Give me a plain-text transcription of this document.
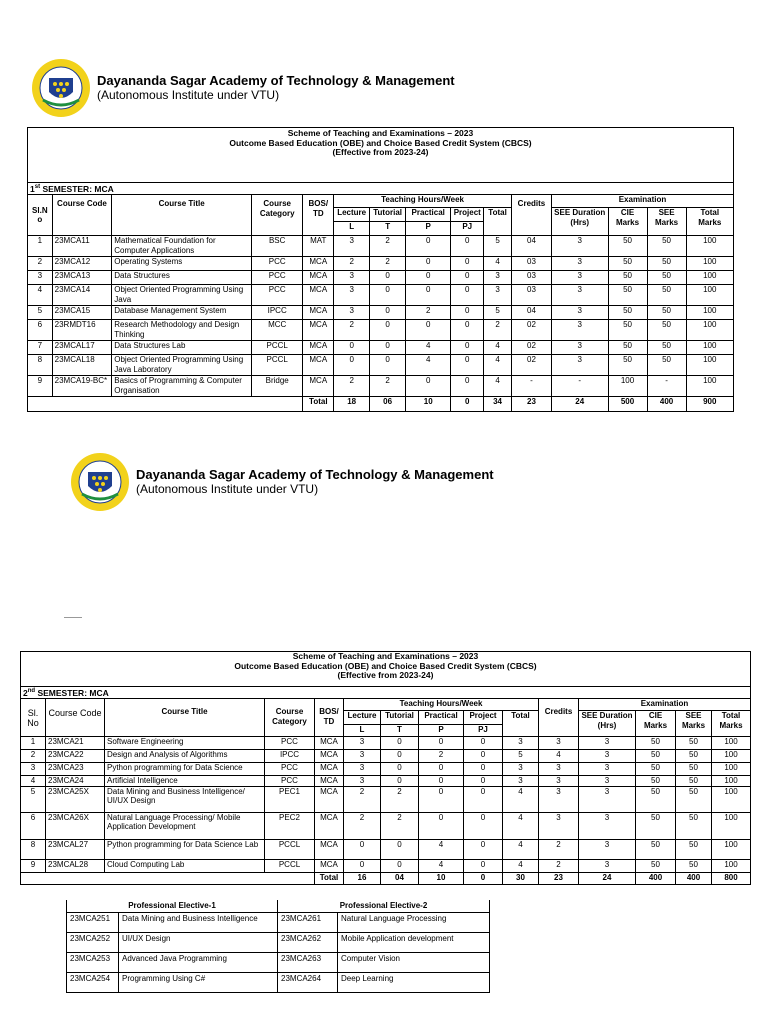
Dayananda Sagar Academy of Technology & Management
(Autonomous Institute under VTU)
Scheme of Teaching and Examinations – 2023
Outcome Based Education (OBE) and Choice Based Credit System (CBCS)
(Effective from 2023-24)														

1st SEMESTER: MCA														
Sl.N o	Course Code	Course Title	Course Category	BOS/ TD	Teaching Hours/Week					Credits	Examination			
					Lecture	Tutorial	Practical	Project	Total		SEE Duration (Hrs)	CIE Marks	SEE Marks	Total Marks
					L	T	P	PJ						
1	23MCA11	Mathematical Foundation for Computer Applications	BSC	MAT	3	2	0	0	5	04	3	50	50	100
2	23MCA12	Operating Systems	PCC	MCA	2	2	0	0	4	03	3	50	50	100
3	23MCA13	Data Structures	PCC	MCA	3	0	0	0	3	03	3	50	50	100
4	23MCA14	Object Oriented Programming Using Java	PCC	MCA	3	0	0	0	3	03	3	50	50	100
5	23MCA15	Database Management System	IPCC	MCA	3	0	2	0	5	04	3	50	50	100
6	23RMDT16	Research Methodology and Design Thinking	MCC	MCA	2	0	0	0	2	02	3	50	50	100
7	23MCAL17	Data Structures Lab	PCCL	MCA	0	0	4	0	4	02	3	50	50	100
8	23MCAL18	Object Oriented Programming Using Java Laboratory	PCCL	MCA	0	0	4	0	4	02	3	50	50	100
9	23MCA19-BC*	Basics of Programming & Computer Organisation	Bridge	MCA	2	2	0	0	4	-	-	100	-	100
				Total	18	06	10	0	34	23	24	500	400	900
Dayananda Sagar Academy of Technology & Management
(Autonomous Institute under VTU)
Scheme of Teaching and Examinations – 2023
Outcome Based Education (OBE) and Choice Based Credit System (CBCS)
(Effective from 2023-24)														

2nd SEMESTER: MCA														
Sl. No	Course Code	Course Title	Course Category	BOS/ TD	Teaching Hours/Week					Credits	Examination			
					Lecture	Tutorial	Practical	Project	Total		SEE Duration (Hrs)	CIE Marks	SEE Marks	Total Marks
					L	T	P	PJ						
1	23MCA21	Software Engineering	PCC	MCA	3	0	0	0	3	3	3	50	50	100
2	23MCA22	Design and Analysis of Algorithms	IPCC	MCA	3	0	2	0	5	4	3	50	50	100
3	23MCA23	Python programming for Data Science	PCC	MCA	3	0	0	0	3	3	3	50	50	100
4	23MCA24	Artificial Intelligence	PCC	MCA	3	0	0	0	3	3	3	50	50	100
5	23MCA25X	Data Mining and Business Intelligence/ UI/UX Design	PEC1	MCA	2	2	0	0	4	3	3	50	50	100
6	23MCA26X	Natural Language Processing/ Mobile Application Development	PEC2	MCA	2	2	0	0	4	3	3	50	50	100
8	23MCAL27	Python programming for Data Science Lab	PCCL	MCA	0	0	4	0	4	2	3	50	50	100
9	23MCAL28	Cloud Computing Lab	PCCL	MCA	0	0	4	0	4	2	3	50	50	100
				Total	16	04	10	0	30	23	24	400	400	800
Professional Elective-1		Professional Elective-2	
23MCA251	Data Mining and Business Intelligence	23MCA261	Natural Language Processing
23MCA252	UI/UX Design	23MCA262	Mobile Application development
23MCA253	Advanced Java Programming	23MCA263	Computer Vision
23MCA254	Programming Using C#	23MCA264	Deep Learning
